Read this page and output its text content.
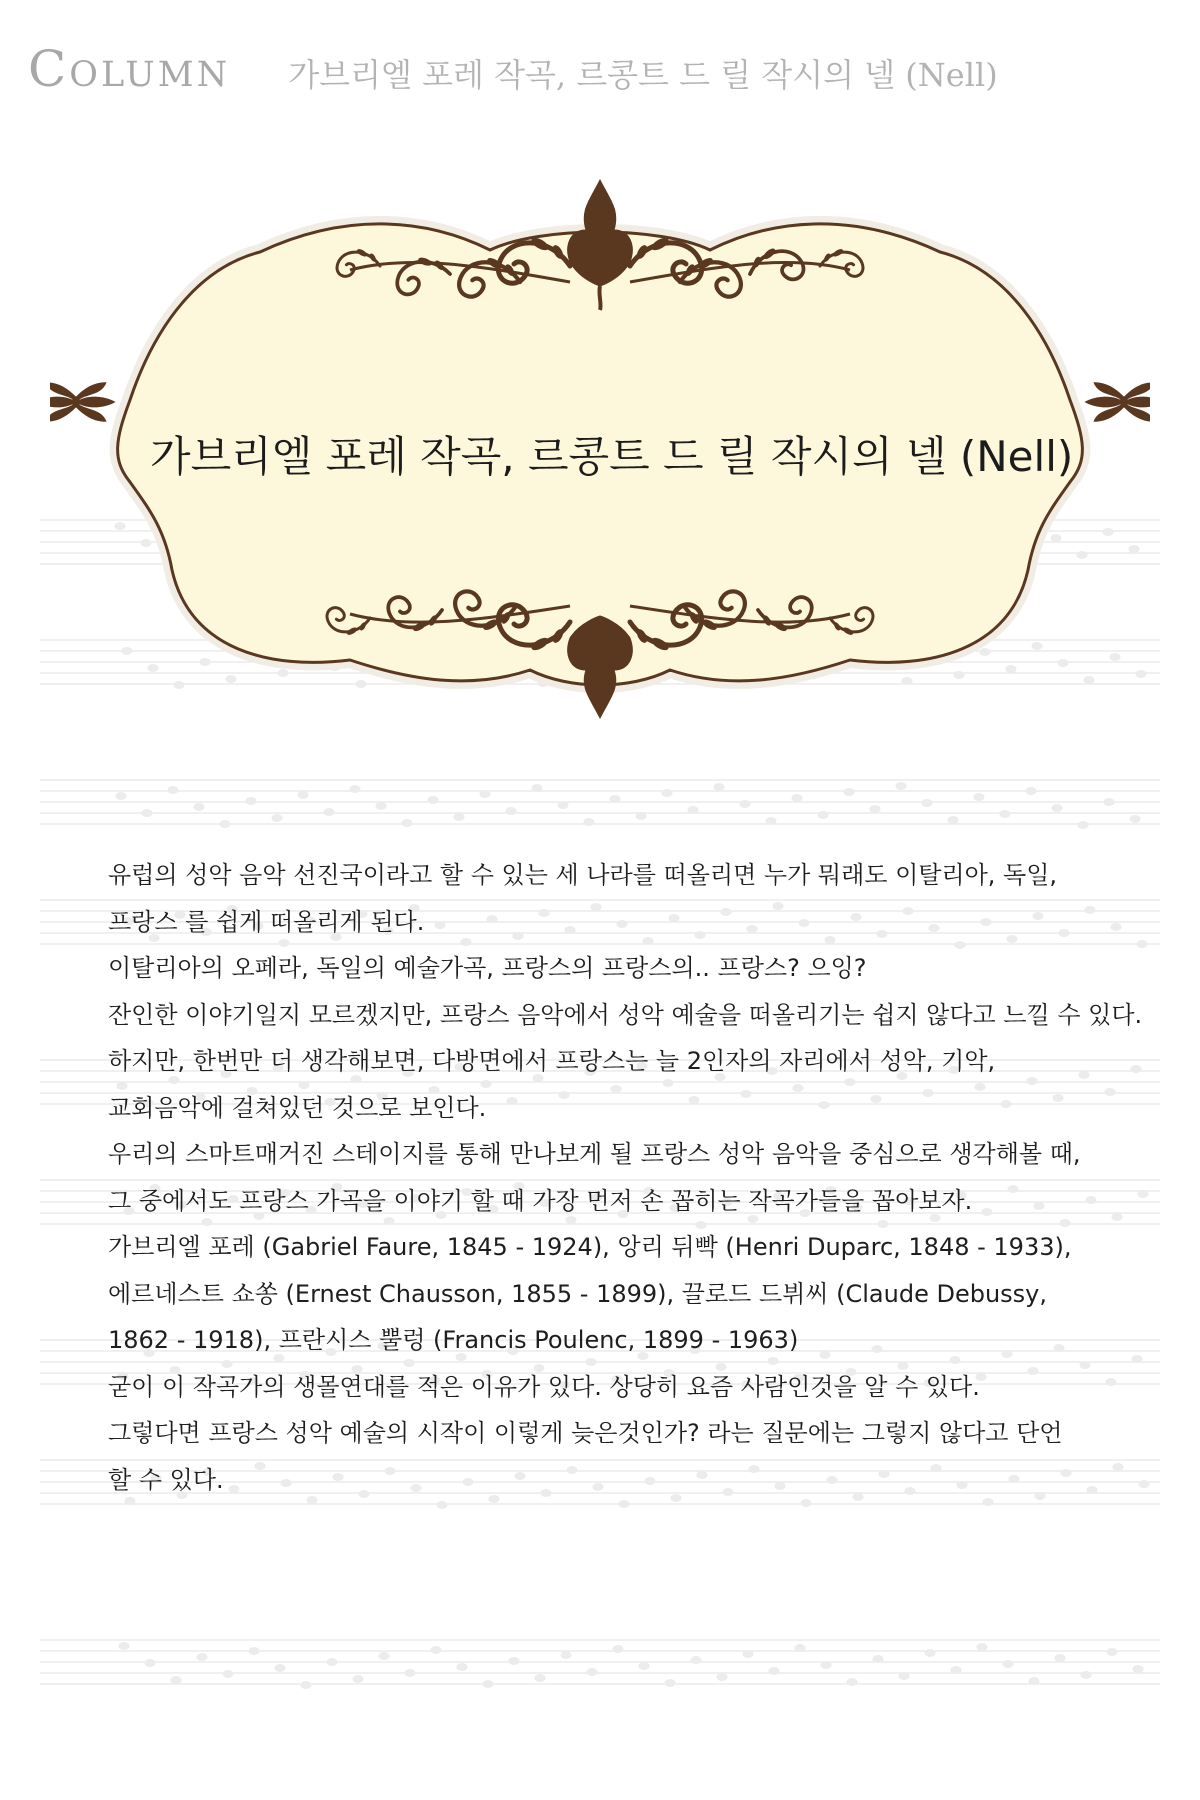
Column 가브리엘 포레 작곡, 르콩트 드 릴 작시의 넬 (Nell)
가브리엘 포레 작곡, 르콩트 드 릴 작시의 넬 (Nell)

유럽의 성악 음악 선진국이라고 할 수 있는 세 나라를 떠올리면 누가 뭐래도 이탈리아, 독일,

프랑스 를 쉽게 떠올리게 된다.

이탈리아의 오페라, 독일의 예술가곡, 프랑스의 프랑스의.. 프랑스? 으잉?

잔인한 이야기일지 모르겠지만, 프랑스 음악에서 성악 예술을 떠올리기는 쉽지 않다고 느낄 수 있다.

하지만, 한번만 더 생각해보면, 다방면에서 프랑스는 늘 2인자의 자리에서 성악, 기악,

교회음악에 걸쳐있던 것으로 보인다.

우리의 스마트매거진 스테이지를 통해 만나보게 될 프랑스 성악 음악을 중심으로 생각해볼 때,

그 중에서도 프랑스 가곡을 이야기 할 때 가장 먼저 손 꼽히는 작곡가들을 꼽아보자.

가브리엘 포레 (Gabriel Faure, 1845 - 1924), 앙리 뒤빡 (Henri Duparc, 1848 - 1933),

에르네스트 쇼쏭 (Ernest Chausson, 1855 - 1899), 끌로드 드뷔씨 (Claude Debussy,

1862 - 1918), 프란시스 뿔렁 (Francis Poulenc, 1899 - 1963)

굳이 이 작곡가의 생몰연대를 적은 이유가 있다. 상당히 요즘 사람인것을 알 수 있다.

그렇다면 프랑스 성악 예술의 시작이 이렇게 늦은것인가? 라는 질문에는 그렇지 않다고 단언

할 수 있다.
